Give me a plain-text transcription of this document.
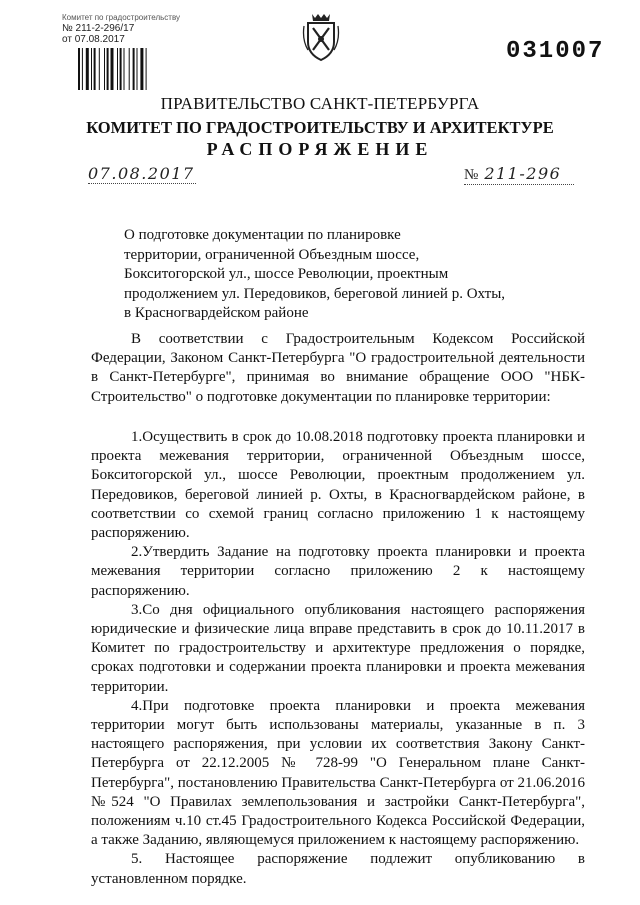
Комитет по градостроительству
№ 211-2-296/17
от 07.08.2017	031007
ПРАВИТЕЛЬСТВО САНКТ-ПЕТЕРБУРГА
КОМИТЕТ ПО ГРАДОСТРОИТЕЛЬСТВУ И АРХИТЕКТУРЕ
РАСПОРЯЖЕНИЕ
07.08.2017	№ 211-296
О подготовке документации по планировке
территории, ограниченной Объездным шоссе,
Бокситогорской ул., шоссе Революции, проектным
продолжением ул. Передовиков, береговой линией р. Охты,
в Красногвардейском районе
В соответствии с Градостроительным Кодексом Российской Федерации, Законом Санкт-Петербурга "О градостроительной деятельности в Санкт-Петербурге", принимая во внимание обращение ООО "НБК-Строительство" о подготовке документации по планировке территории:
1.Осуществить в срок до 10.08.2018 подготовку проекта планировки и проекта межевания территории, ограниченной Объездным шоссе, Бокситогорской ул., шоссе Революции, проектным продолжением ул. Передовиков, береговой линией р. Охты, в Красногвардейском районе, в соответствии со схемой границ согласно приложению 1 к настоящему распоряжению.
2.Утвердить Задание на подготовку проекта планировки и проекта межевания территории согласно приложению 2 к настоящему распоряжению.
3.Со дня официального опубликования настоящего распоряжения юридические и физические лица вправе представить в срок до 10.11.2017 в Комитет по градостроительству и архитектуре предложения о порядке, сроках подготовки и содержании проекта планировки и проекта межевания территории.
4.При подготовке проекта планировки и проекта межевания территории могут быть использованы материалы, указанные в п. 3 настоящего распоряжения, при условии их соответствия Закону Санкт-Петербурга от 22.12.2005 № 728-99 "О Генеральном плане Санкт-Петербурга", постановлению Правительства Санкт-Петербурга от 21.06.2016 №524 "О Правилах землепользования и застройки Санкт-Петербурга", положениям ч.10 ст.45 Градостроительного Кодекса Российской Федерации, а также Заданию, являющемуся приложением к настоящему распоряжению.
5. Настоящее распоряжение подлежит опубликованию в установленном порядке.
